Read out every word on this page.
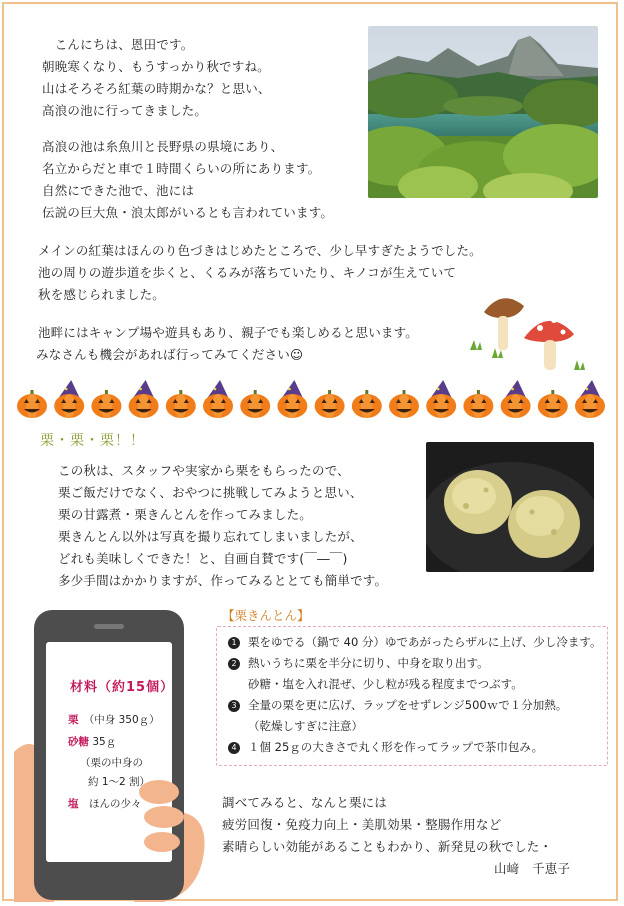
　こんにちは、恩田です。
朝晩寒くなり、もうすっかり秋ですね。
山はそろそろ紅葉の時期かな？と思い、
高浪の池に行ってきました。
高浪の池は糸魚川と長野県の県境にあり、
名立からだと車で１時間くらいの所にあります。
自然にできた池で、池には
伝説の巨大魚・浪太郎がいるとも言われています。
メインの紅葉はほんのり色づきはじめたところで、少し早すぎたようでした。
池の周りの遊歩道を歩くと、くるみが落ちていたり、キノコが生えていて
秋を感じられました。
池畔にはキャンプ場や遊具もあり、親子でも楽しめると思います。
みなさんも機会があれば行ってみてください☺
栗・栗・栗！！
この秋は、スタッフや実家から栗をもらったので、
栗ご飯だけでなく、おやつに挑戦してみようと思い、
栗の甘露煮・栗きんとんを作ってみました。
栗きんとん以外は写真を撮り忘れてしまいましたが、
どれも美味しくできた！と、自画自賛です(￣―￣)
多少手間はかかりますが、作ってみるととても簡単です。
材料（約15個）
栗　 （中身 350ｇ）
砂糖 35ｇ
（栗の中身の
約 1～2 割）
塩　 ほんの少々
【栗きんとん】
1 栗をゆでる（鍋で 40 分）ゆであがったらザルに上げ、少し冷ます。
2 熱いうちに栗を半分に切り、中身を取り出す。
砂糖・塩を入れ混ぜ、少し粒が残る程度までつぶす。
3 全量の栗を更に広げ、ラップをせずレンジ500ｗで１分加熱。
（乾燥しすぎに注意）
4 １個 25ｇの大きさで丸く形を作ってラップで茶巾包み。
調べてみると、なんと栗には
疲労回復・免疫力向上・美肌効果・整腸作用など
素晴らしい効能があることもわかり、新発見の秋でした・
山﨑　千恵子
